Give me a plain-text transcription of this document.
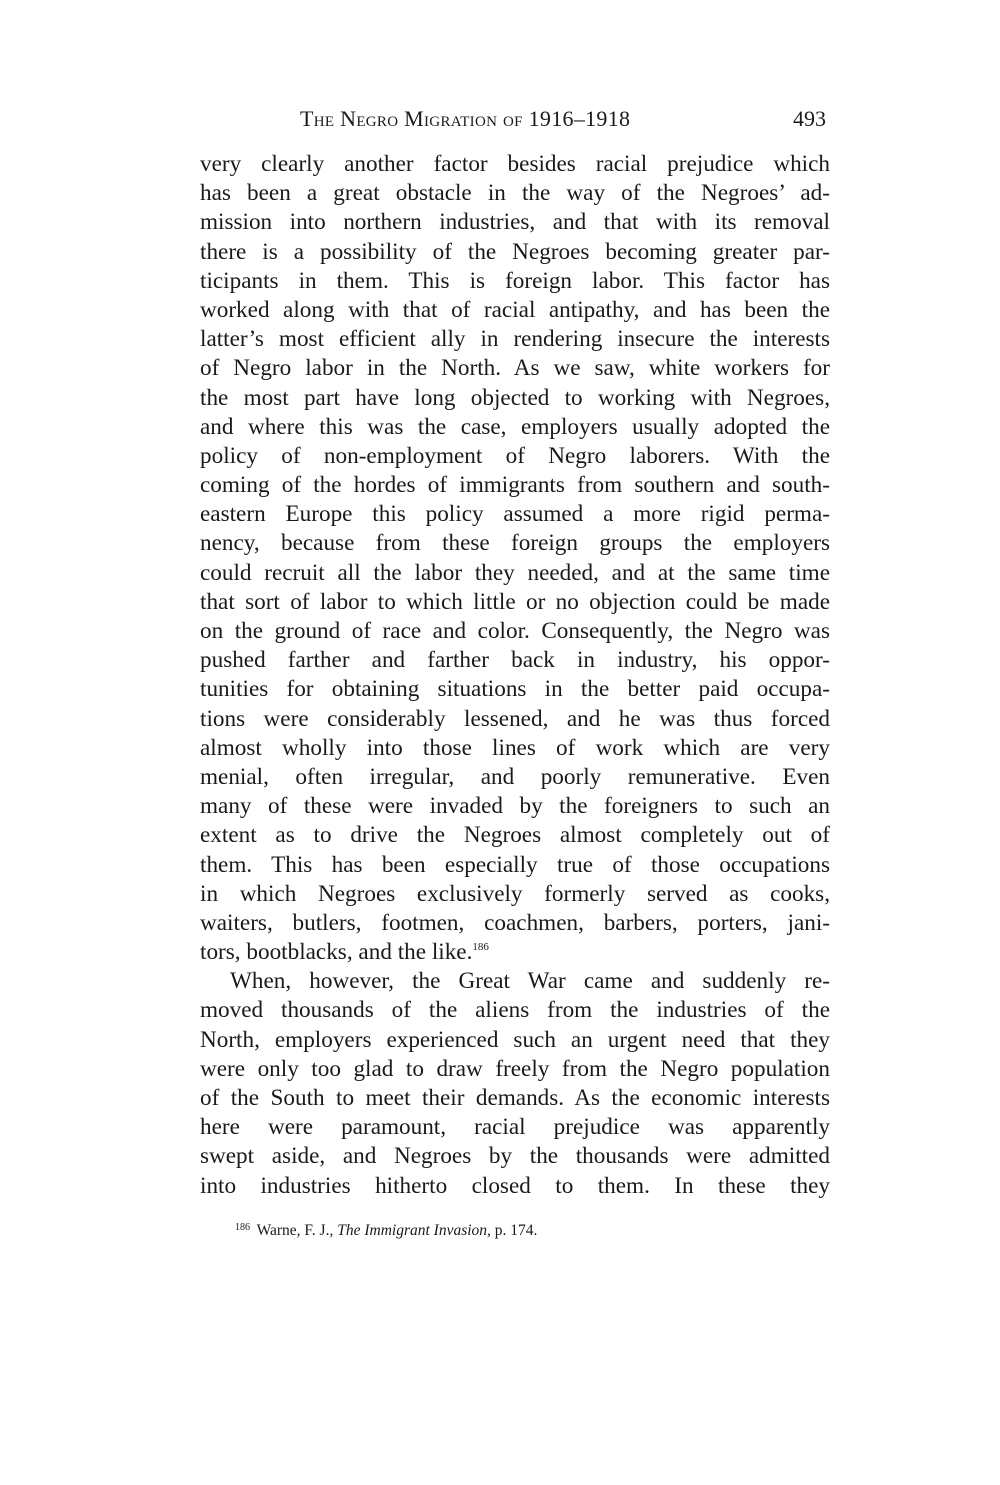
The Negro Migration of 1916–1918	493
very clearly another factor besides racial prejudice which
has been a great obstacle in the way of the Negroes’ ad-
mission into northern industries, and that with its removal
there is a possibility of the Negroes becoming greater par-
ticipants in them. This is foreign labor. This factor has
worked along with that of racial antipathy, and has been the
latter’s most efficient ally in rendering insecure the interests
of Negro labor in the North. As we saw, white workers for
the most part have long objected to working with Negroes,
and where this was the case, employers usually adopted the
policy of non-employment of Negro laborers. With the
coming of the hordes of immigrants from southern and south-
eastern Europe this policy assumed a more rigid perma-
nency, because from these foreign groups the employers
could recruit all the labor they needed, and at the same time
that sort of labor to which little or no objection could be made
on the ground of race and color. Consequently, the Negro was
pushed farther and farther back in industry, his oppor-
tunities for obtaining situations in the better paid occupa-
tions were considerably lessened, and he was thus forced
almost wholly into those lines of work which are very
menial, often irregular, and poorly remunerative. Even
many of these were invaded by the foreigners to such an
extent as to drive the Negroes almost completely out of
them. This has been especially true of those occupations
in which Negroes exclusively formerly served as cooks,
waiters, butlers, footmen, coachmen, barbers, porters, jani-
tors, bootblacks, and the like.$^{186}$
When, however, the Great War came and suddenly re-
moved thousands of the aliens from the industries of the
North, employers experienced such an urgent need that they
were only too glad to draw freely from the Negro population
of the South to meet their demands. As the economic interests
here were paramount, racial prejudice was apparently
swept aside, and Negroes by the thousands were admitted
into industries hitherto closed to them. In these they
$^{186}$ Warne, F. J., The Immigrant Invasion, p. 174.
